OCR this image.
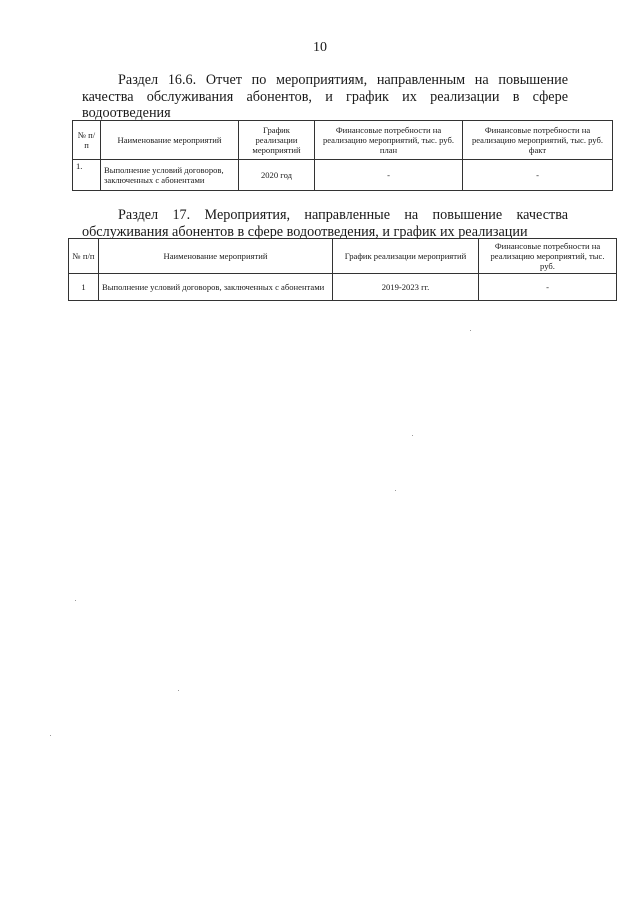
10
Раздел 16.6. Отчет по мероприятиям, направленным на повышение качества обслуживания абонентов, и график их реализации в сфере водоотведения
№ п/п	Наименование мероприятий	График реализации мероприятий	Финансовые потребности на реализацию мероприятий, тыс. руб. план	Финансовые потребности на реализацию мероприятий, тыс. руб. факт
1.	Выполнение условий договоров, заключенных с абонентами	2020 год	-	-
Раздел 17. Мероприятия, направленные на повышение качества обслуживания абонентов в сфере водоотведения, и график их реализации
№ п/п	Наименование мероприятий	График реализации мероприятий	Финансовые потребности на реализацию мероприятий, тыс. руб.
1	Выполнение условий договоров, заключенных с абонентами	2019-2023 гг.	-
